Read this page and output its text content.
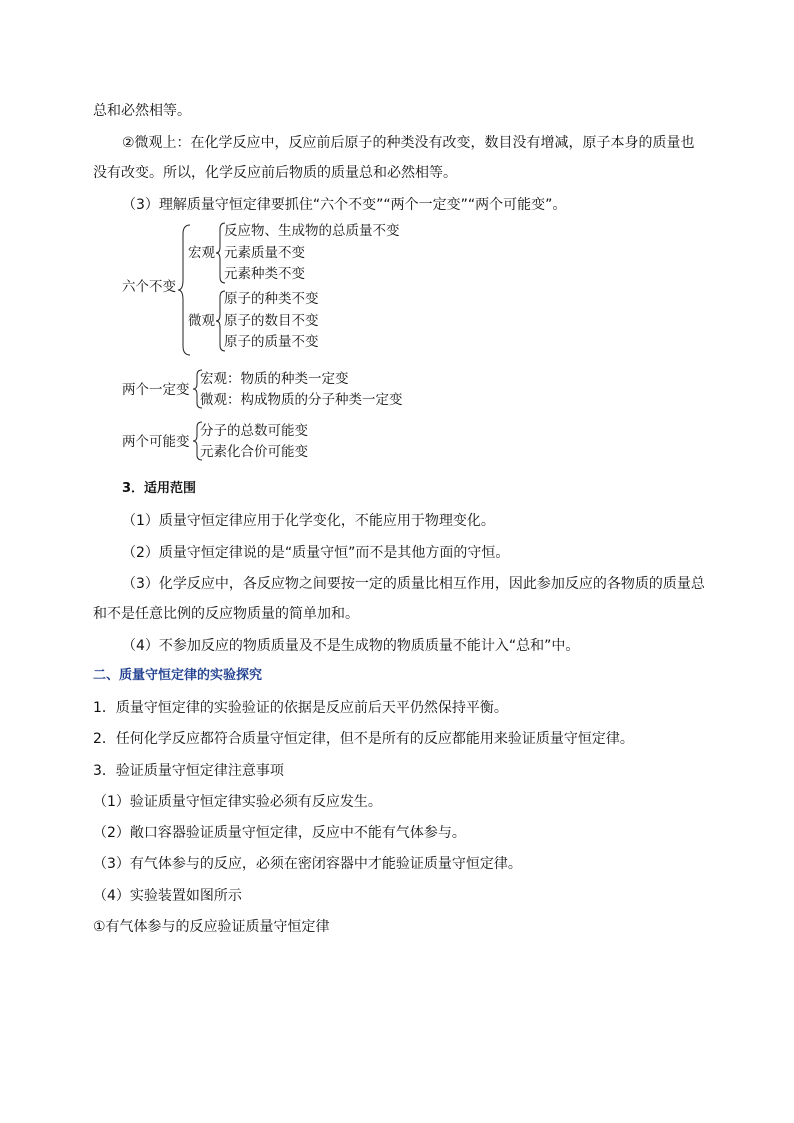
总和必然相等。
②微观上：在化学反应中，反应前后原子的种类没有改变，数目没有增减，原子本身的质量也
没有改变。所以，化学反应前后物质的质量总和必然相等。
（3）理解质量守恒定律要抓住“六个不变”“两个一定变”“两个可能变”。
六个不变
宏观
反应物、生成物的总质量不变
元素质量不变
元素种类不变
微观
原子的种类不变
原子的数目不变
原子的质量不变
两个一定变
宏观：物质的种类一定变
微观：构成物质的分子种类一定变
两个可能变
分子的总数可能变
元素化合价可能变
3．适用范围
（1）质量守恒定律应用于化学变化，不能应用于物理变化。
（2）质量守恒定律说的是“质量守恒”而不是其他方面的守恒。
（3）化学反应中，各反应物之间要按一定的质量比相互作用，因此参加反应的各物质的质量总
和不是任意比例的反应物质量的简单加和。
（4）不参加反应的物质质量及不是生成物的物质质量不能计入“总和”中。
二、质量守恒定律的实验探究
1．质量守恒定律的实验验证的依据是反应前后天平仍然保持平衡。
2．任何化学反应都符合质量守恒定律，但不是所有的反应都能用来验证质量守恒定律。
3．验证质量守恒定律注意事项
（1）验证质量守恒定律实验必须有反应发生。
（2）敞口容器验证质量守恒定律，反应中不能有气体参与。
（3）有气体参与的反应，必须在密闭容器中才能验证质量守恒定律。
（4）实验装置如图所示
①有气体参与的反应验证质量守恒定律
